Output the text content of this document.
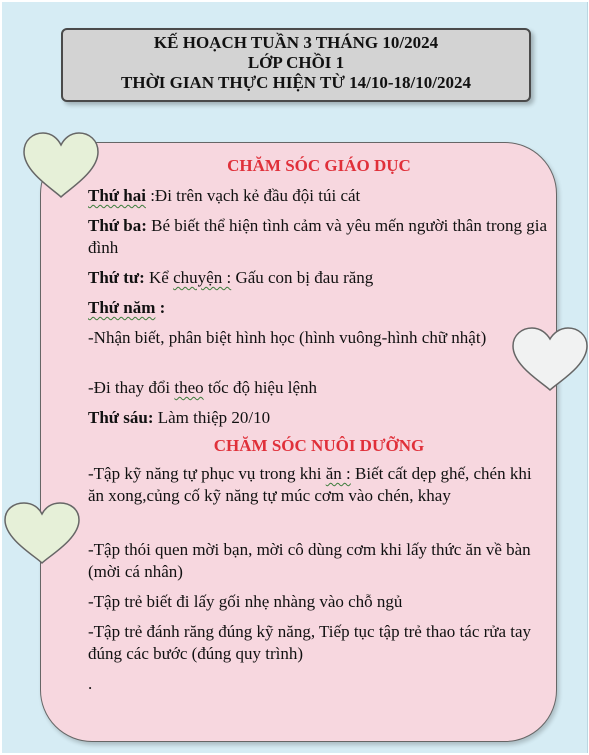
KẾ HOẠCH TUẦN 3 THÁNG 10/2024
LỚP CHỒI 1
THỜI GIAN THỰC HIỆN TỪ 14/10-18/10/2024

CHĂM SÓC GIÁO DỤC

Thứ hai :Đi trên vạch kẻ đầu đội túi cát

Thứ ba: Bé biết thể hiện tình cảm và yêu mến người thân trong gia đình

Thứ tư: Kể chuyện : Gấu con bị đau răng

Thứ năm :

-Nhận biết, phân biệt hình học (hình vuông-hình chữ nhật)

-Đi thay đổi theo tốc độ hiệu lệnh

Thứ sáu: Làm thiệp 20/10

CHĂM SÓC NUÔI DƯỠNG

-Tập kỹ năng tự phục vụ trong khi ăn : Biết cất dẹp ghế, chén khi ăn xong,củng cố kỹ năng tự múc cơm vào chén, khay

-Tập thói quen mời bạn, mời cô dùng cơm khi lấy thức ăn về bàn (mời cá nhân)

-Tập trẻ biết đi lấy gối nhẹ nhàng vào chỗ ngủ

-Tập trẻ đánh răng đúng kỹ năng, Tiếp tục tập trẻ thao tác rửa tay đúng các bước (đúng quy trình)

.
